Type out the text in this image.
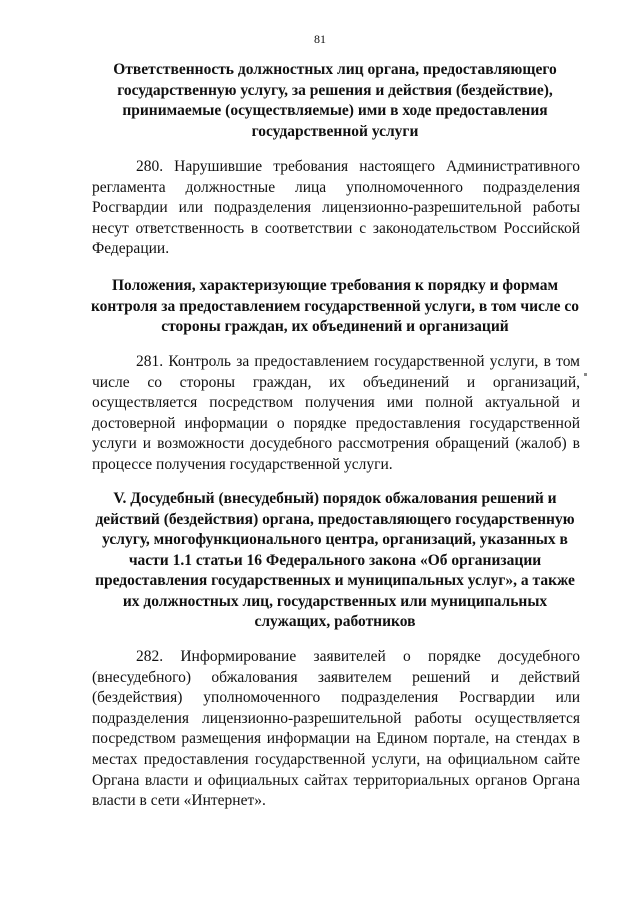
81

Ответственность должностных лиц органа, предоставляющего государственную услугу, за решения и действия (бездействие), принимаемые (осуществляемые) ими в ходе предоставления государственной услуги

280. Нарушившие требования настоящего Административного регламента должностные лица уполномоченного подразделения Росгвардии или подразделения лицензионно-разрешительной работы несут ответственность в соответствии с законодательством Российской Федерации.

Положения, характеризующие требования к порядку и формам контроля за предоставлением государственной услуги, в том числе со стороны граждан, их объединений и организаций

281. Контроль за предоставлением государственной услуги, в том числе со стороны граждан, их объединений и организаций, осуществляется посредством получения ими полной актуальной и достоверной информации о порядке предоставления государственной услуги и возможности досудебного рассмотрения обращений (жалоб) в процессе получения государственной услуги.

V. Досудебный (внесудебный) порядок обжалования решений и действий (бездействия) органа, предоставляющего государственную услугу, многофункционального центра, организаций, указанных в части 1.1 статьи 16 Федерального закона «Об организации предоставления государственных и муниципальных услуг», а также их должностных лиц, государственных или муниципальных служащих, работников

282. Информирование заявителей о порядке досудебного (внесудебного) обжалования заявителем решений и действий (бездействия) уполномоченного подразделения Росгвардии или подразделения лицензионно-разрешительной работы осуществляется посредством размещения информации на Едином портале, на стендах в местах предоставления государственной услуги, на официальном сайте Органа власти и официальных сайтах территориальных органов Органа власти в сети «Интернет».
